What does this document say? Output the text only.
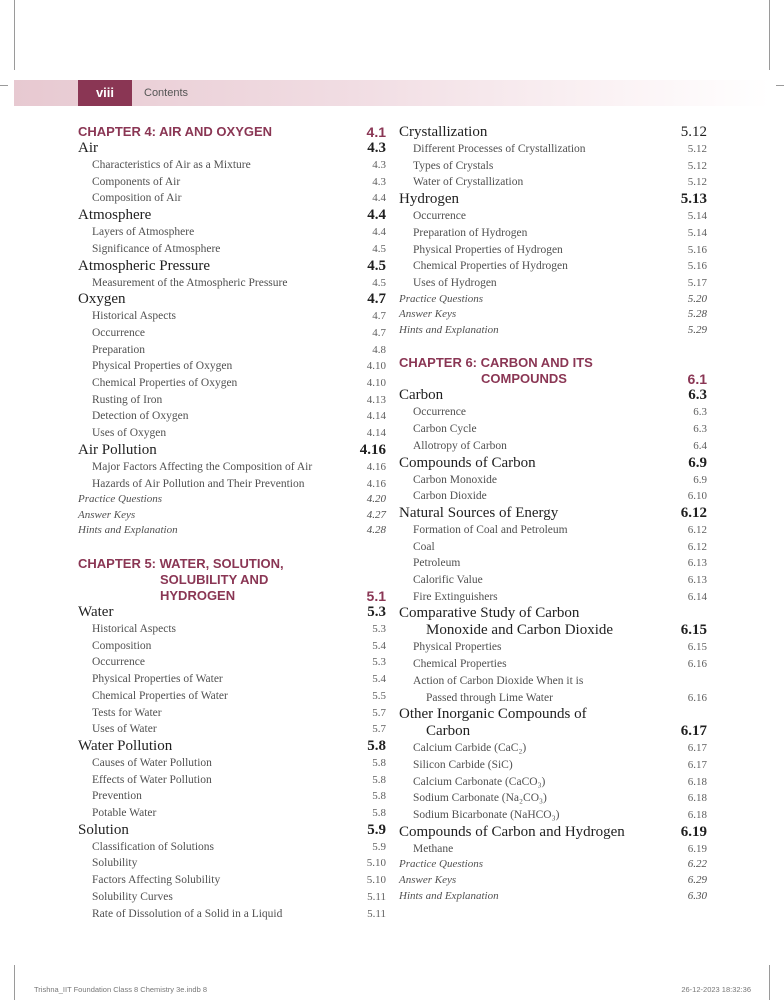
viii	Contents
CHAPTER 4: AIR AND OXYGEN	4.1
Air	4.3
Characteristics of Air as a Mixture	4.3
Components of Air	4.3
Composition of Air	4.4
Atmosphere	4.4
Layers of Atmosphere	4.4
Significance of Atmosphere	4.5
Atmospheric Pressure	4.5
Measurement of the Atmospheric Pressure	4.5
Oxygen	4.7
Historical Aspects	4.7
Occurrence	4.7
Preparation	4.8
Physical Properties of Oxygen	4.10
Chemical Properties of Oxygen	4.10
Rusting of Iron	4.13
Detection of Oxygen	4.14
Uses of Oxygen	4.14
Air Pollution	4.16
Major Factors Affecting the Composition of Air	4.16
Hazards of Air Pollution and Their Prevention	4.16
Practice Questions	4.20
Answer Keys	4.27
Hints and Explanation	4.28
CHAPTER 5: WATER, SOLUTION,
SOLUBILITY AND
HYDROGEN	5.1
Water	5.3
Historical Aspects	5.3
Composition	5.4
Occurrence	5.3
Physical Properties of Water	5.4
Chemical Properties of Water	5.5
Tests for Water	5.7
Uses of Water	5.7
Water Pollution	5.8
Causes of Water Pollution	5.8
Effects of Water Pollution	5.8
Prevention	5.8
Potable Water	5.8
Solution	5.9
Classification of Solutions	5.9
Solubility	5.10
Factors Affecting Solubility	5.10
Solubility Curves	5.11
Rate of Dissolution of a Solid in a Liquid	5.11
Crystallization	5.12
Different Processes of Crystallization	5.12
Types of Crystals	5.12
Water of Crystallization	5.12
Hydrogen	5.13
Occurrence	5.14
Preparation of Hydrogen	5.14
Physical Properties of Hydrogen	5.16
Chemical Properties of Hydrogen	5.16
Uses of Hydrogen	5.17
Practice Questions	5.20
Answer Keys	5.28
Hints and Explanation	5.29
CHAPTER 6: CARBON AND ITS
COMPOUNDS	6.1
Carbon	6.3
Occurrence	6.3
Carbon Cycle	6.3
Allotropy of Carbon	6.4
Compounds of Carbon	6.9
Carbon Monoxide	6.9
Carbon Dioxide	6.10
Natural Sources of Energy	6.12
Formation of Coal and Petroleum	6.12
Coal	6.12
Petroleum	6.13
Calorific Value	6.13
Fire Extinguishers	6.14
Comparative Study of Carbon
Monoxide and Carbon Dioxide	6.15
Physical Properties	6.15
Chemical Properties	6.16
Action of Carbon Dioxide When it is
Passed through Lime Water	6.16
Other Inorganic Compounds of
Carbon	6.17
Calcium Carbide (CaC₂)	6.17
Silicon Carbide (SiC)	6.17
Calcium Carbonate (CaCO₃)	6.18
Sodium Carbonate (Na₂CO₃)	6.18
Sodium Bicarbonate (NaHCO₃)	6.18
Compounds of Carbon and Hydrogen	6.19
Methane	6.19
Practice Questions	6.22
Answer Keys	6.29
Hints and Explanation	6.30
Trishna_IIT Foundation Class 8 Chemistry 3e.indb 8	26-12-2023 18:32:36
